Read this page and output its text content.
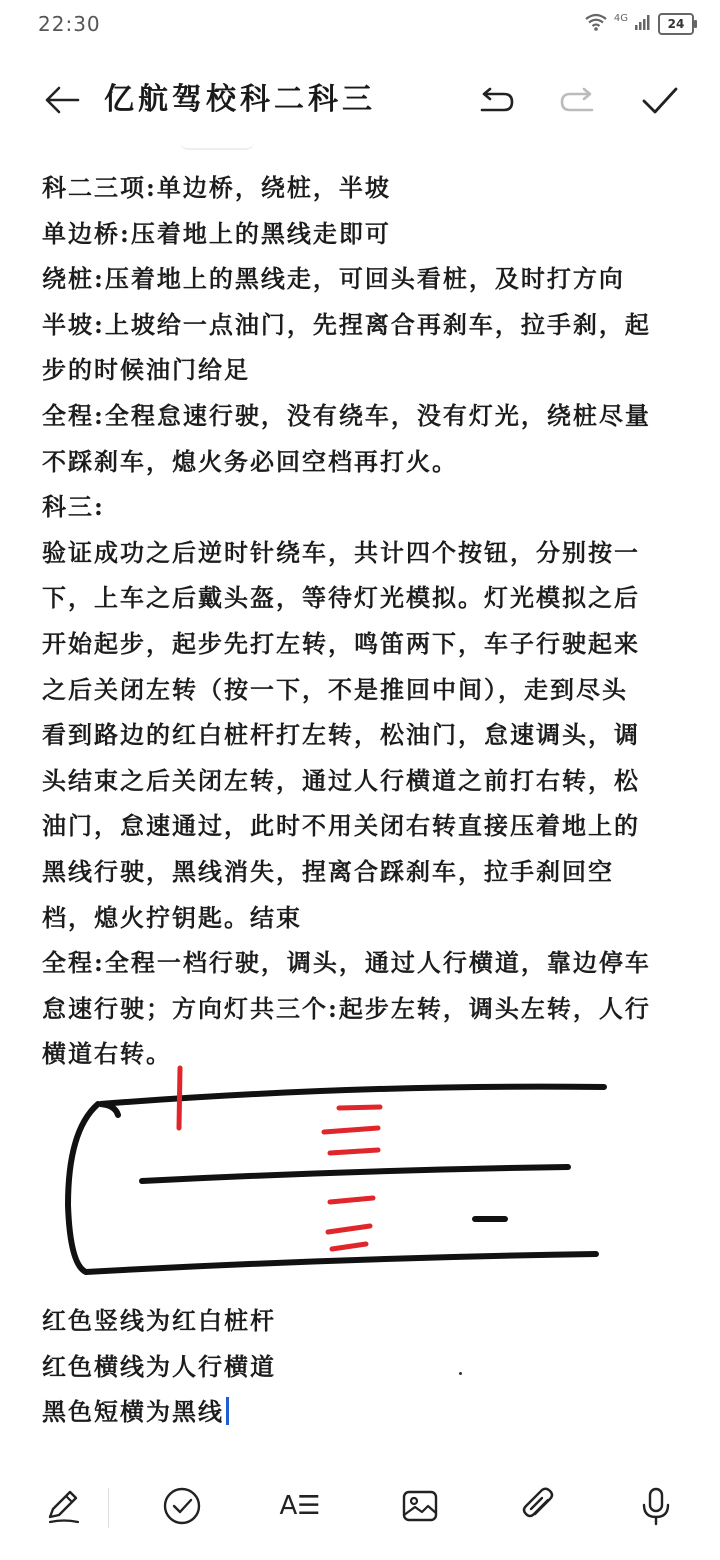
22:30	4G	24
亿航驾校科二科三
科二三项:单边桥，绕桩，半坡
单边桥:压着地上的黑线走即可
绕桩:压着地上的黑线走，可回头看桩，及时打方向
半坡:上坡给一点油门，先捏离合再刹车，拉手刹，起
步的时候油门给足
全程:全程怠速行驶，没有绕车，没有灯光，绕桩尽量
不踩刹车，熄火务必回空档再打火。
科三:
验证成功之后逆时针绕车，共计四个按钮，分别按一
下，上车之后戴头盔，等待灯光模拟。灯光模拟之后
开始起步，起步先打左转，鸣笛两下，车子行驶起来
之后关闭左转（按一下，不是推回中间），走到尽头
看到路边的红白桩杆打左转，松油门，怠速调头，调
头结束之后关闭左转，通过人行横道之前打右转，松
油门，怠速通过，此时不用关闭右转直接压着地上的
黑线行驶，黑线消失，捏离合踩刹车，拉手刹回空
档，熄火拧钥匙。结束
全程:全程一档行驶，调头，通过人行横道，靠边停车
怠速行驶；方向灯共三个:起步左转，调头左转，人行
横道右转。
红色竖线为红白桩杆
红色横线为人行横道
黑色短横为黑线
A☰
